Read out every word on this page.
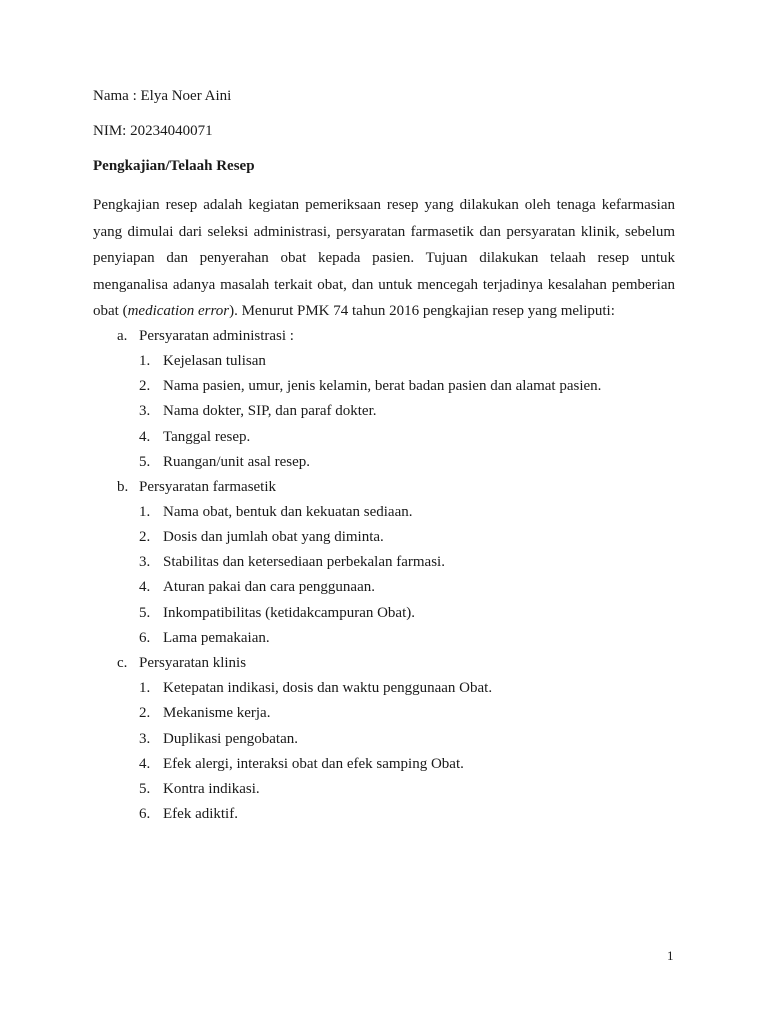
Nama : Elya Noer Aini
NIM: 20234040071
Pengkajian/Telaah Resep
Pengkajian resep adalah kegiatan pemeriksaan resep yang dilakukan oleh tenaga kefarmasian
yang dimulai dari seleksi administrasi, persyaratan farmasetik dan persyaratan klinik, sebelum
penyiapan dan penyerahan obat kepada pasien. Tujuan dilakukan telaah resep untuk
menganalisa adanya masalah terkait obat, dan untuk mencegah terjadinya kesalahan pemberian
obat (medication error). Menurut PMK 74 tahun 2016 pengkajian resep yang meliputi:
a. Persyaratan administrasi :
1. Kejelasan tulisan
2. Nama pasien, umur, jenis kelamin, berat badan pasien dan alamat pasien.
3. Nama dokter, SIP, dan paraf dokter.
4. Tanggal resep.
5. Ruangan/unit asal resep.
b. Persyaratan farmasetik
1. Nama obat, bentuk dan kekuatan sediaan.
2. Dosis dan jumlah obat yang diminta.
3. Stabilitas dan ketersediaan perbekalan farmasi.
4. Aturan pakai dan cara penggunaan.
5. Inkompatibilitas (ketidakcampuran Obat).
6. Lama pemakaian.
c. Persyaratan klinis
1. Ketepatan indikasi, dosis dan waktu penggunaan Obat.
2. Mekanisme kerja.
3. Duplikasi pengobatan.
4. Efek alergi, interaksi obat dan efek samping Obat.
5. Kontra indikasi.
6. Efek adiktif.
1
